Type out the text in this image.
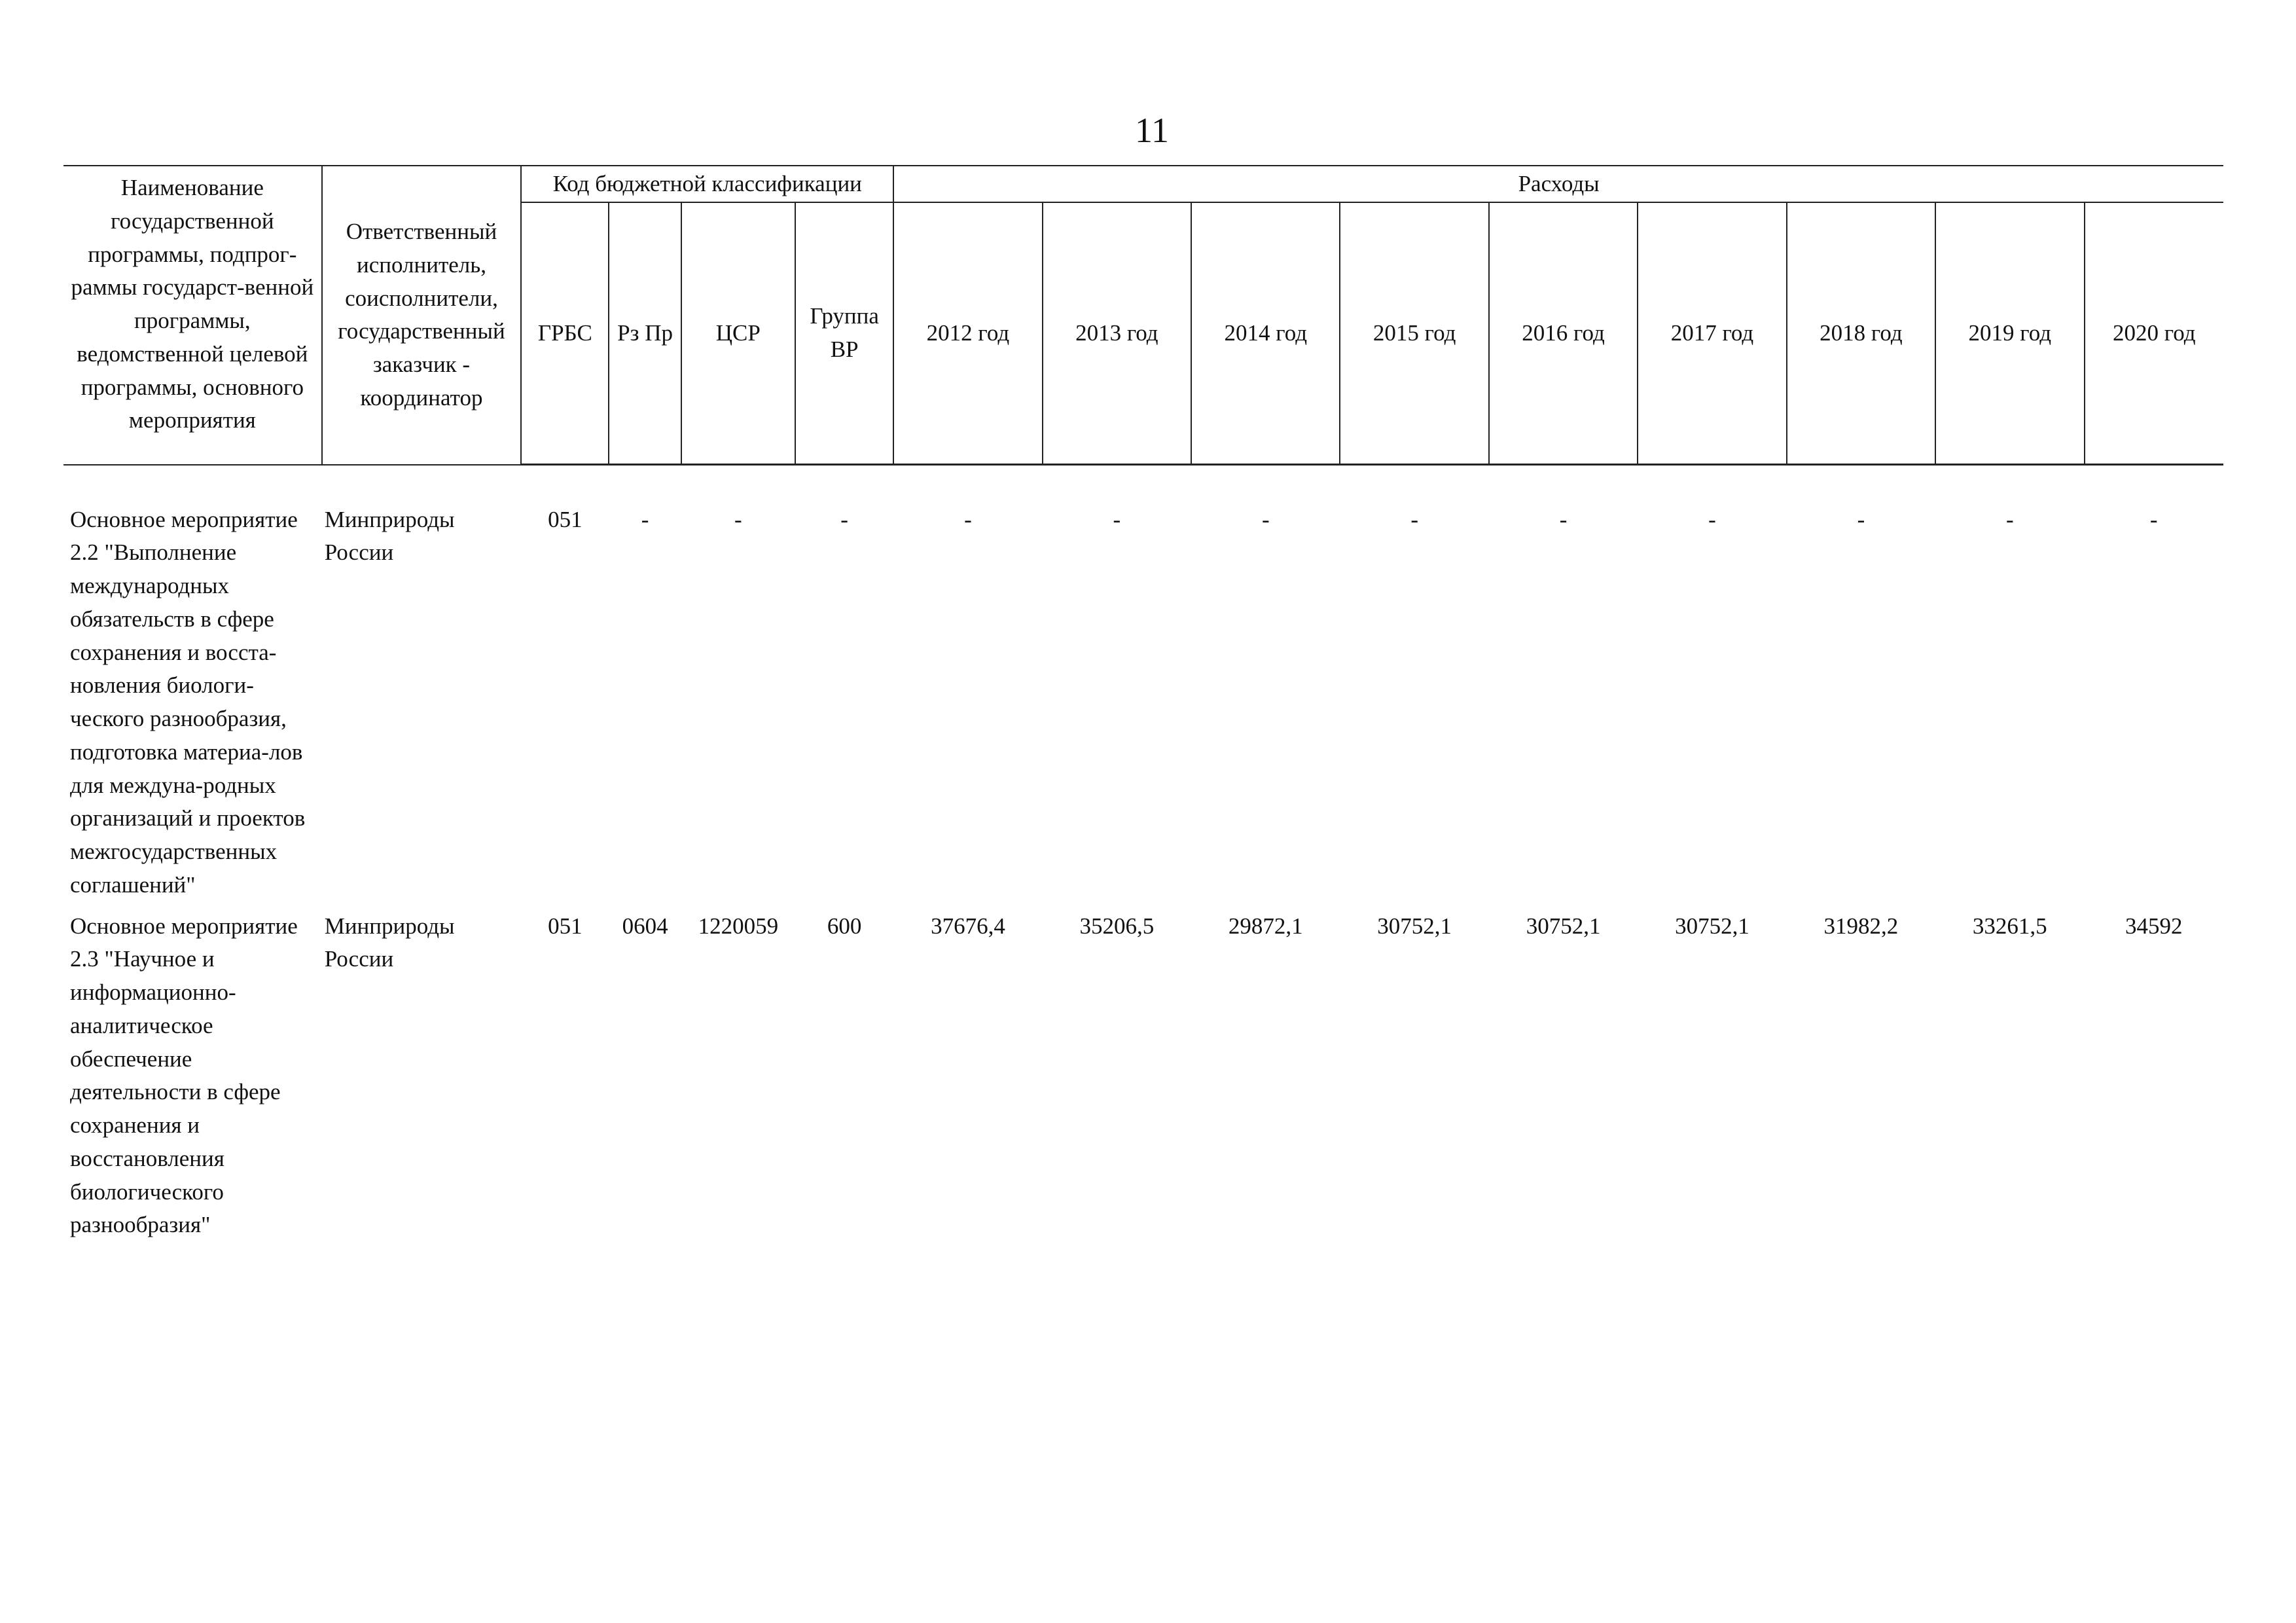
11
Наименование государственной программы, подпрог-раммы государст-венной программы, ведомственной целевой программы, основного мероприятия	Ответственный исполнитель, соисполнители, государственный заказчик - координатор	Код бюджетной классификации				Расходы								
		ГРБС	Рз Пр	ЦСР	Группа ВР	2012 год	2013 год	2014 год	2015 год	2016 год	2017 год	2018 год	2019 год	2020 год
Основное мероприятие 2.2 "Выполнение международных обязательств в сфере сохранения и восста-новления биологи-ческого разнообразия, подготовка материа-лов для междуна-родных организаций и проектов межгосударственных соглашений"	Минприроды России	051	-	-	-	-	-	-	-	-	-	-	-	-
Основное мероприятие 2.3 "Научное и информационно-аналитическое обеспечение деятельности в сфере сохранения и восстановления биологического разнообразия"	Минприроды России	051	0604	1220059	600	37676,4	35206,5	29872,1	30752,1	30752,1	30752,1	31982,2	33261,5	34592
